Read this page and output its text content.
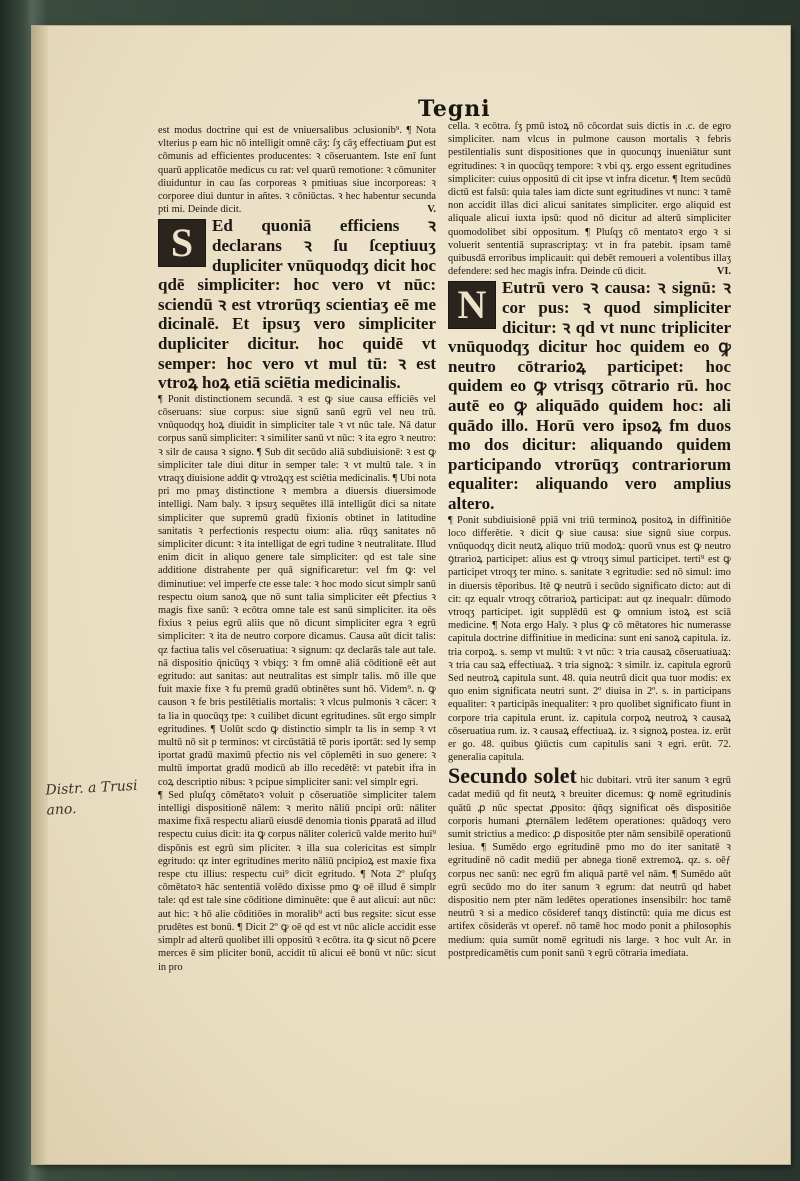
Tegni

est modus doctrine qui est de vniuersalibus ↄclusionib⁹. ¶ Nota vlterius p eam hic nō intelligit omnē cāʒ: ſʒ cāʒ effectiuam ꝑut est cōmunis ad efficientes producentes: ꝛ cōseruantem. Iste enī ſunt quarū applicatōe medicus cu rat: vel quarū remotione: ꝛ cōmuniter diuiduntur in cau ſas corporeas ꝛ pmitiuas siue incorporeas: ꝛ corporee diui duntur in añtes. ꝛ cōniūctas. ꝛ hec habentur secunda pti mi. Deinde dicit.	V.

S	Ed quoniā efficiens ꝛ declarans ꝛ ſu ſceptiuuʒ dupliciter vnūquodqʒ dicit hoc qdē simpliciter: hoc vero vt nūc: sciendū ꝛ est vtrorūqʒ scientiaʒ eē me dicinalē. Et ipsuʒ vero simpliciter dupliciter dicitur. hoc quidē vt semper: hoc vero vt mul tū: ꝛ est vtroꝝ hoꝝ etiā sciētia medicinalis.

¶ Ponit distinctionem secundā. ꝛ est ꝙ siue causa efficiēs vel cōseruans: siue corpus: siue signū sanū egrū vel neu trū. vnūquodqʒ hoꝝ diuidit in simpliciter tale ꝛ vt nūc tale. Nā datur corpus sanū simpliciter: ꝛ similiter sanū vt nūc: ꝛ ita egro ꝛ neutro: ꝛ silr de causa ꝛ signo. ¶ Sub dit secūdo aliā subdiuisionē: ꝛ est ꝙ simpliciter tale diui ditur in semper tale: ꝛ vt multū tale. ꝛ in vtraqʒ diuisione addit ꝙ vtroꝝqʒ est sciētia medicinalis. ¶ Ubi nota pri mo pmaʒ distinctione ꝛ membra a diuersis diuersimode intelligi. Nam baly. ꝛ ipsuʒ sequētes illā intelligūt dici sa nitate simpliciter que supremū gradū fixionis obtinet in latitudine sanitatis ꝛ perfectionis respectu oium: alia. rūqʒ sanitates nō simpliciter dicunt: ꝛ ita intelligat de egri tudine ꝛ neutralitate. Illud enim dicit in aliquo genere tale simpliciter: qd est tale sine additione distrahente per quā significaretur: vel fm ꝙ: vel diminutiue: vel imperfe cte esse tale: ꝛ hoc modo sicut simplr sanū respectu oium sanoꝝ que nō sunt talia simpliciter eēt ꝑfectius ꝛ magis fixe sanū: ꝛ ecōtra omne tale est sanū simpliciter. ita oēs fixius ꝛ peius egrū aliis que nō dicunt simpliciter egra ꝛ egrū simpliciter: ꝛ ita de neutro corpore dicamus. Causa aūt dicit talis: qz factiua talis vel cōseruatiua: ꝛ signum: qz declarās tale aut tale. nā dispositio q̄nicūqʒ ꝛ vbiqʒ: ꝛ fm omnē aliā cōditionē eēt aut egritudo: aut sanitas: aut neutralitas est simplr talis. mō ille que fuit maxie fixe ꝛ fu premū gradū obtinētes sunt hō. Videm⁹. n. ꝙ causon ꝛ fe bris pestilētialis mortalis: ꝛ vlcus pulmonis ꝛ cācer: ꝛ ta lia in quocūqʒ tpe: ꝛ cuilibet dicunt egritudines. sūt ergo simplr egritudines. ¶ Uolūt scdo ꝙ distinctio simplr ta lis in semp ꝛ vt multū nō sit p terminos: vt circūstātiā tē poris iportāt: sed ly semp iportat gradū maximū pfectio nis vel cōplemēti in suo genere: ꝛ multū importat gradū modicū ab illo recedētē: vt patebit ifra in coꝝ descriptio nibus: ꝛ pcipue simpliciter sani: vel simplr egri.

¶ Sed pluſqʒ cōmētatoꝛ voluit p cōseruatiōe simpliciter talem intelligi dispositionē nālem: ꝛ merito nāliū pncipi orū: nāliter maxime fixā respectu aliarū eiusdē denomia tionis ꝑparatā ad illud respectu cuius dicit: ita ꝙ corpus nāliter colericū valde merito hui⁹ dispōnis est egrū sim pliciter. ꝛ illa sua colericitas est simplr egritudo: qz inter egritudines merito nāliū pncipioꝝ est maxie fixa respe ctu illius: respectu cui⁹ dicit egritudo. ¶ Nota 2º pluſqʒ cōmētatoꝛ hāc sententiā volēdo dixisse pmo ꝙ oē illud ē simplr tale: qd est tale sine cōditione diminuēte: que ē aut alicui: aut nūc: aut hic: ꝛ hō alie cōditiōes in moralib⁹ acti bus regsite: sicut esse prudētes est bonū. ¶ Dicit 2º ꝙ oē qd est vt nūc alicle accidit esse simplr ad alterū quolibet illi oppositū ꝛ ecōtra. ita ꝙ sicut nō ꝑcere merces ē sim pliciter bonū, accidit tū alicui eē bonū vt nūc: sicut in pro

cella. ꝛ ecōtra. ſʒ pmū istoꝝ nō cōcordat suis dictis in .c. de egro simpliciter. nam vlcus in pulmone causon mortalis ꝛ febris pestilentialis sunt dispositiones que in quocunqʒ inueniātur sunt egritudines: ꝛ in quocūqʒ tempore: ꝛ vbi qʒ. ergo essent egritudines simpliciter: cuius oppositū di cit ipse vt infra dicetur. ¶ Item secūdū dictū est falsū: quia tales iam dicte sunt egritudines vt nunc: ꝛ tamē non accidit illas dici alicui sanitates simpliciter. ergo aliquid est aliquale alicui iuxta ipsū: quod nō dicitur ad alterū simpliciter quomodolibet sibi oppositum. ¶ Pluſqʒ cō mentatoꝛ ergo ꝛ si voluerit sententiā suprascriptaʒ: vt in fra patebit. ipsam tamē quibusdā erroribus implicauit: qui debēt remoueri a volentibus illaʒ defendere: sed hec magis infra. Deinde cū dicit.	VI.

N Eutrū vero ꝛ causa: ꝛ signū: ꝛ cor pus: ꝛ quod simpliciter dicitur: ꝛ qd vt nunc tripliciter vnūquodqʒ dicitur hoc quidem eo ꝙ neutro cōtrarioꝝ participet: hoc quidem eo ꝙ vtrisqʒ cōtrario rū. hoc autē eo ꝙ aliquādo quidem hoc: ali quādo illo. Horū vero ipsoꝝ fm duos mo dos dicitur: aliquando quidem participando vtrorūqʒ contrariorum equaliter: aliquando vero amplius altero.

¶ Ponit subdiuisionē ppiā vni triū terminoꝝ positoꝝ in diffinitiōe loco differētie. ꝛ dicit ꝙ siue causa: siue signū siue corpus. vnūquodqʒ dicit neutꝝ aliquo triū modoꝝ: quorū vnus est ꝙ neutro ꝯtrarioꝝ participet: alius est ꝙ vtroqʒ simul participet. terti⁹ est ꝙ participet vtroqʒ ter mino. s. sanitate ꝛ egritudie: sed nō simul: imo in diuersis tēporibus. Itē ꝙ neutrū i secūdo significato dicto: aut di cit: qz equalr vtroqʒ cōtrarioꝝ participat: aut qz inequalr: dūmodo vtroqʒ participet. igit supplēdū est ꝙ omnium istoꝝ est sciā medicine. ¶ Nota ergo Haly. ꝛ plus ꝙ cō mētatores hic numerasse capitula doctrine diffinitiue in medicina: sunt eni sanoꝝ capitula. iz. tria corpoꝝ. s. semp vt multū: ꝛ vt nūc: ꝛ tria causaꝝ cōseruatiuaꝝ: ꝛ tria cau saꝝ effectiuaꝝ. ꝛ tria signoꝝ: ꝛ similr. iz. capitula egrorū Sed neutroꝝ capitula sunt. 48. quia neutrū dicit qua tuor modis: ex quo enim significata neutri sunt. 2º diuisa in 2º. s. in participans equaliter: ꝛ participās inequaliter: ꝛ pro quolibet significato fiunt in corpore tria capitula erunt. iz. capitula corpoꝝ neutroꝝ ꝛ causaꝝ cōseruatiua rum. iz. ꝛ causaꝝ effectiuaꝝ. iz. ꝛ signoꝝ postea. iz. erūt er go. 48. quibus ꝯiūctis cum capitulis sani ꝛ egri. erūt. 72. generalia capitula.

Secundo solet hic dubitari. vtrū iter sanum ꝛ egrū cadat mediū qd fit neutꝝ ꝛ breuiter dicemus: ꝙ nomē egritudinis quātū ꝓ nūc spectat ꝓposito: q̄ñqʒ significat oēs dispositiōe corporis humani ꝓternālem ledētem operationes: quādoqʒ vero sumit strictius a medico: ꝓ dispositōe pter nām sensibilē operationū lesiua. ¶ Sumēdo ergo egritudinē pmo mo do iter sanitatē ꝛ egritudinē nō cadit mediū per abnega tionē extremoꝝ. qz. s. oēƒ corpus nec sanū: nec egrū fm aliquā partē vel nām. ¶ Sumēdo aūt egrū secūdo mo do iter sanum ꝛ egrum: dat neutrū qd habet dispositio nem pter nām ledētes operationes insensibilr: hoc tamē neutrū ꝛ si a medico cōsideref tanqʒ distinctū: quia me dicus est artifex cōsiderās vt operef. nō tamē hoc modo ponit a philosophis medium: quia sumūt nomē egritudi nis large. ꝛ hoc vult Ar. in postpredicamētis cum ponit sanū ꝛ egrū cōtraria imediata.

Distr. a Trusi ano.
